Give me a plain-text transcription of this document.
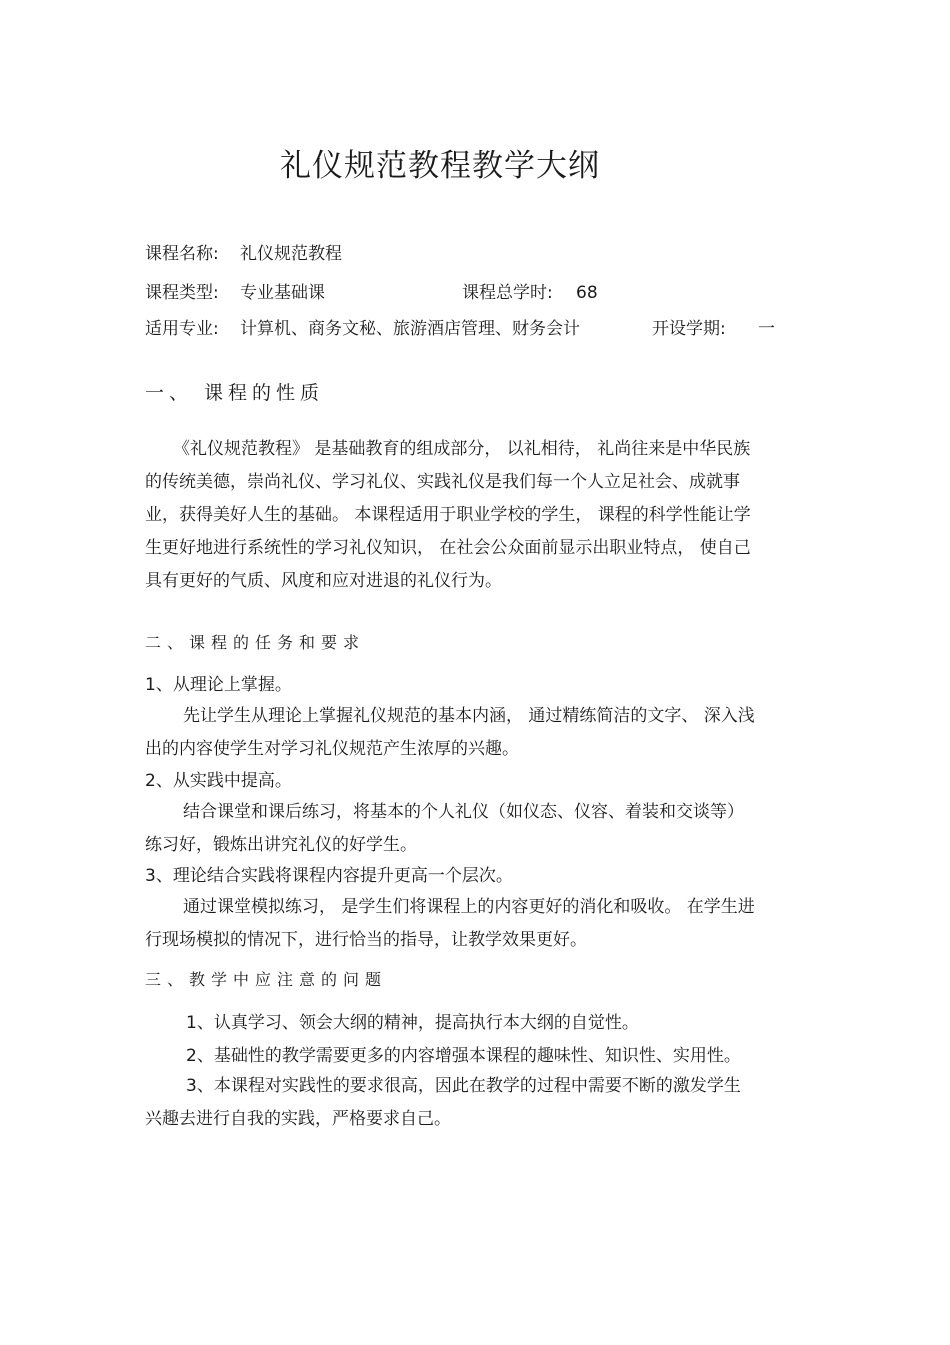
礼仪规范教程教学大纲
课程名称: 礼仪规范教程
课程类型: 专业基础课	课程总学时: 68
适用专业: 计算机、商务文秘、旅游酒店管理、财务会计	开设学期: 一
一、 课程的性质
《礼仪规范教程》 是基础教育的组成部分， 以礼相待， 礼尚往来是中华民族
的传统美德，崇尚礼仪、学习礼仪、实践礼仪是我们每一个人立足社会、成就事
业，获得美好人生的基础。 本课程适用于职业学校的学生， 课程的科学性能让学
生更好地进行系统性的学习礼仪知识， 在社会公众面前显示出职业特点， 使自己
具有更好的气质、风度和应对进退的礼仪行为。
二、课程的任务和要求
1、从理论上掌握。
先让学生从理论上掌握礼仪规范的基本内涵， 通过精练简洁的文字、 深入浅
出的内容使学生对学习礼仪规范产生浓厚的兴趣。
2、从实践中提高。
结合课堂和课后练习，将基本的个人礼仪（如仪态、仪容、着装和交谈等）
练习好，锻炼出讲究礼仪的好学生。
3、理论结合实践将课程内容提升更高一个层次。
通过课堂模拟练习， 是学生们将课程上的内容更好的消化和吸收。 在学生进
行现场模拟的情况下，进行恰当的指导，让教学效果更好。
三、教学中应注意的问题
1、认真学习、领会大纲的精神，提高执行本大纲的自觉性。
2、基础性的教学需要更多的内容增强本课程的趣味性、知识性、实用性。
3、本课程对实践性的要求很高，因此在教学的过程中需要不断的激发学生
兴趣去进行自我的实践，严格要求自己。
